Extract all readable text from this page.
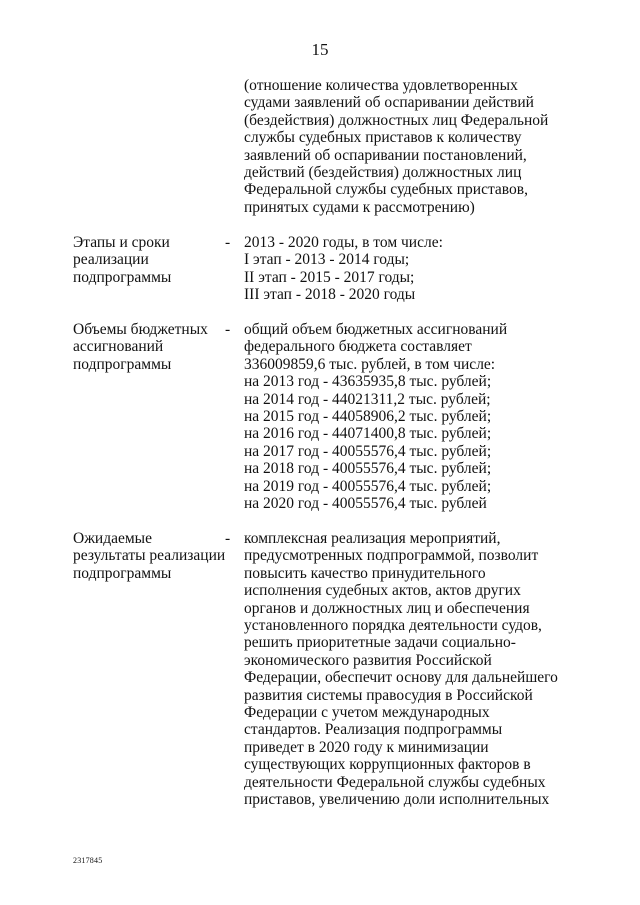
15
(отношение количества удовлетворенных
судами заявлений об оспаривании действий
(бездействия) должностных лиц Федеральной
службы судебных приставов к количеству
заявлений об оспаривании постановлений,
действий (бездействия) должностных лиц
Федеральной службы судебных приставов,
принятых судами к рассмотрению)
Этапы и сроки
реализации
подпрограммы
- 2013 - 2020 годы, в том числе:
I этап - 2013 - 2014 годы;
II этап - 2015 - 2017 годы;
III этап - 2018 - 2020 годы
Объемы бюджетных
ассигнований
подпрограммы
- общий объем бюджетных ассигнований
федерального бюджета составляет
336009859,6 тыс. рублей, в том числе:
на 2013 год - 43635935,8 тыс. рублей;
на 2014 год - 44021311,2 тыс. рублей;
на 2015 год - 44058906,2 тыс. рублей;
на 2016 год - 44071400,8 тыс. рублей;
на 2017 год - 40055576,4 тыс. рублей;
на 2018 год - 40055576,4 тыс. рублей;
на 2019 год - 40055576,4 тыс. рублей;
на 2020 год - 40055576,4 тыс. рублей
Ожидаемые
результаты реализации
подпрограммы
- комплексная реализация мероприятий,
предусмотренных подпрограммой, позволит
повысить качество принудительного
исполнения судебных актов, актов других
органов и должностных лиц и обеспечения
установленного порядка деятельности судов,
решить приоритетные задачи социально-
экономического развития Российской
Федерации, обеспечит основу для дальнейшего
развития системы правосудия в Российской
Федерации с учетом международных
стандартов. Реализация подпрограммы
приведет в 2020 году к минимизации
существующих коррупционных факторов в
деятельности Федеральной службы судебных
приставов, увеличению доли исполнительных
2317845
